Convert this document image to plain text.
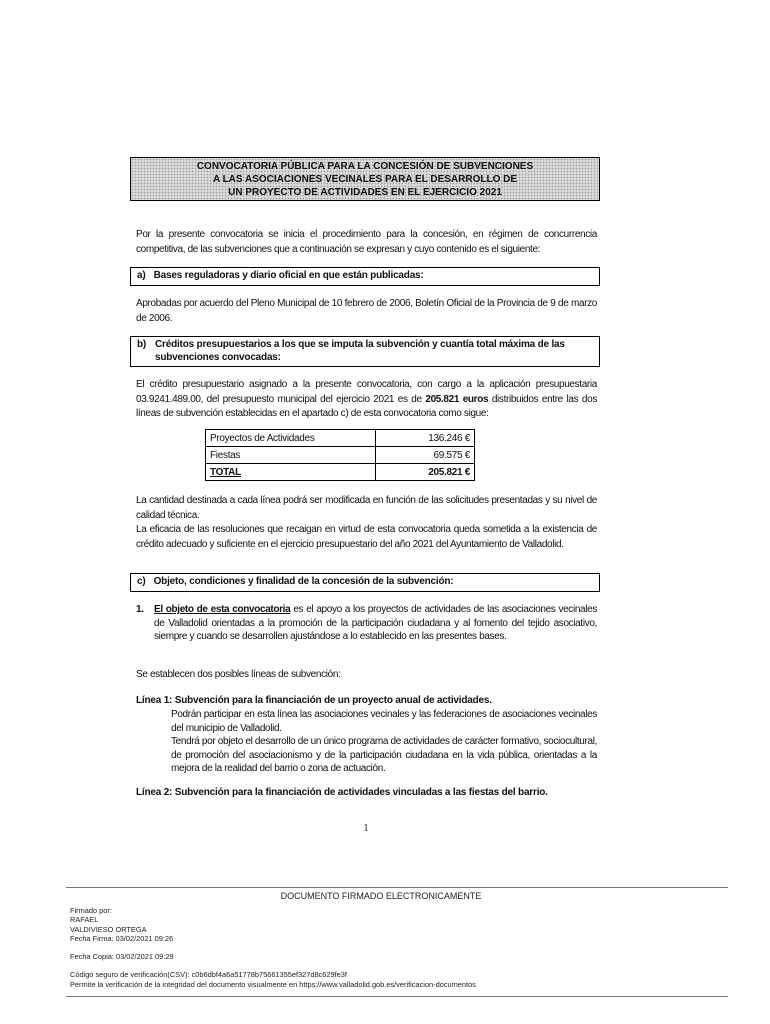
CONVOCATORIA PÚBLICA PARA LA CONCESIÓN DE SUBVENCIONES
A LAS ASOCIACIONES VECINALES PARA EL DESARROLLO DE
UN PROYECTO DE ACTIVIDADES EN EL EJERCICIO 2021
Por la presente convocatoria se inicia el procedimiento para la concesión, en régimen de concurrencia competitiva, de las subvenciones que a continuación se expresan y cuyo contenido es el siguiente:
a) Bases reguladoras y diario oficial en que están publicadas:
Aprobadas por acuerdo del Pleno Municipal de 10 febrero de 2006, Boletín Oficial de la Provincia de 9 de marzo de 2006.
b) Créditos presupuestarios a los que se imputa la subvención y cuantía total máxima de las subvenciones convocadas:
El crédito presupuestario asignado a la presente convocatoria, con cargo a la aplicación presupuestaria 03.9241.489.00, del presupuesto municipal del ejercicio 2021 es de 205.821 euros distribuidos entre las dos líneas de subvención establecidas en el apartado c) de esta convocatoria como sigue:
Proyectos de Actividades	136.246 €
Fiestas	69.575 €
TOTAL	205.821 €
La cantidad destinada a cada línea podrá ser modificada en función de las solicitudes presentadas y su nivel de calidad técnica.
La eficacia de las resoluciones que recaigan en virtud de esta convocatoria queda sometida a la existencia de crédito adecuado y suficiente en el ejercicio presupuestario del año 2021 del Ayuntamiento de Valladolid.
c) Objeto, condiciones y finalidad de la concesión de la subvención:
1. El objeto de esta convocatoria es el apoyo a los proyectos de actividades de las asociaciones vecinales de Valladolid orientadas a la promoción de la participación ciudadana y al fomento del tejido asociativo, siempre y cuando se desarrollen ajustándose a lo establecido en las presentes bases.
Se establecen dos posibles líneas de subvención:
Línea 1: Subvención para la financiación de un proyecto anual de actividades.
Podrán participar en esta línea las asociaciones vecinales y las federaciones de asociaciones vecinales del municipio de Valladolid.
Tendrá por objeto el desarrollo de un único programa de actividades de carácter formativo, sociocultural, de promoción del asociacionismo y de la participación ciudadana en la vida pública, orientadas a la mejora de la realidad del barrio o zona de actuación.
Línea 2: Subvención para la financiación de actividades vinculadas a las fiestas del barrio.
1
DOCUMENTO FIRMADO ELECTRONICAMENTE
Firmado por:
RAFAEL
VALDIVIESO ORTEGA
Fecha Firma: 03/02/2021 09:26
Fecha Copia: 03/02/2021 09:29
Código seguro de verificación(CSV): c0b6dbf4a6a51778b75661355ef327d8c629fe3f
Permite la verificación de la integridad del documento visualmente en https://www.valladolid.gob.es/verificacion-documentos
